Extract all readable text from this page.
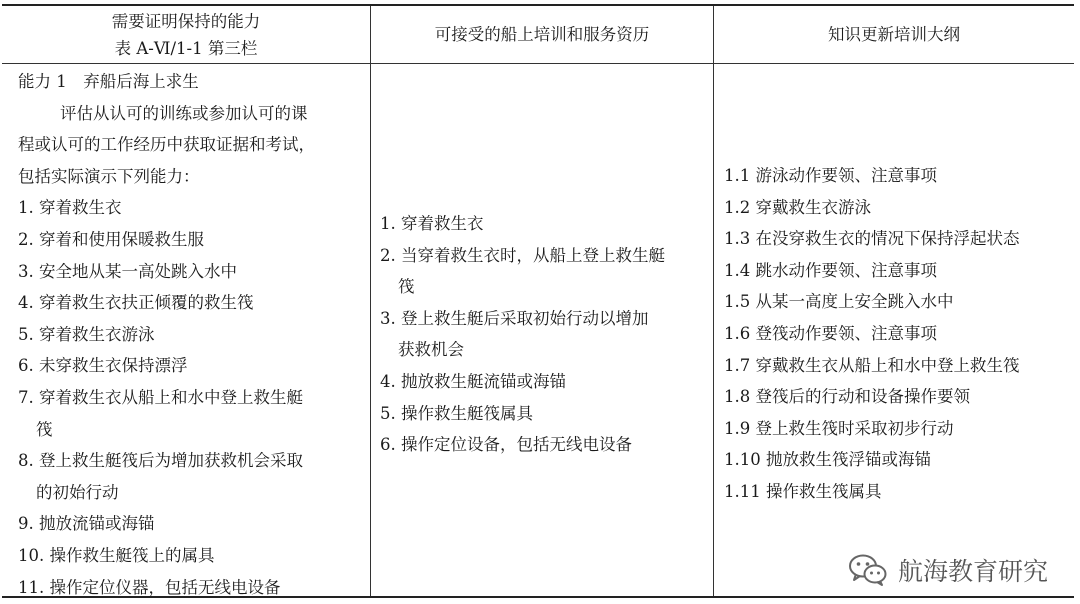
需要证明保持的能力
表 A-Ⅵ/1-1 第三栏
可接受的船上培训和服务资历	知识更新培训大纲
能力 1　弃船后海上求生
评估从认可的训练或参加认可的课
程或认可的工作经历中获取证据和考试，
包括实际演示下列能力：
1. 穿着救生衣
2. 穿着和使用保暖救生服
3. 安全地从某一高处跳入水中
4. 穿着救生衣扶正倾覆的救生筏
5. 穿着救生衣游泳
6. 未穿救生衣保持漂浮
7. 穿着救生衣从船上和水中登上救生艇
筏
8. 登上救生艇筏后为增加获救机会采取
的初始行动
9. 抛放流锚或海锚
10. 操作救生艇筏上的属具
11. 操作定位仪器，包括无线电设备
1. 穿着救生衣
2. 当穿着救生衣时，从船上登上救生艇
筏
3. 登上救生艇后采取初始行动以增加
获救机会
4. 抛放救生艇流锚或海锚
5. 操作救生艇筏属具
6. 操作定位设备，包括无线电设备
1.1 游泳动作要领、注意事项
1.2 穿戴救生衣游泳
1.3 在没穿救生衣的情况下保持浮起状态
1.4 跳水动作要领、注意事项
1.5 从某一高度上安全跳入水中
1.6 登筏动作要领、注意事项
1.7 穿戴救生衣从船上和水中登上救生筏
1.8 登筏后的行动和设备操作要领
1.9 登上救生筏时采取初步行动
1.10 抛放救生筏浮锚或海锚
1.11 操作救生筏属具
航海教育研究
